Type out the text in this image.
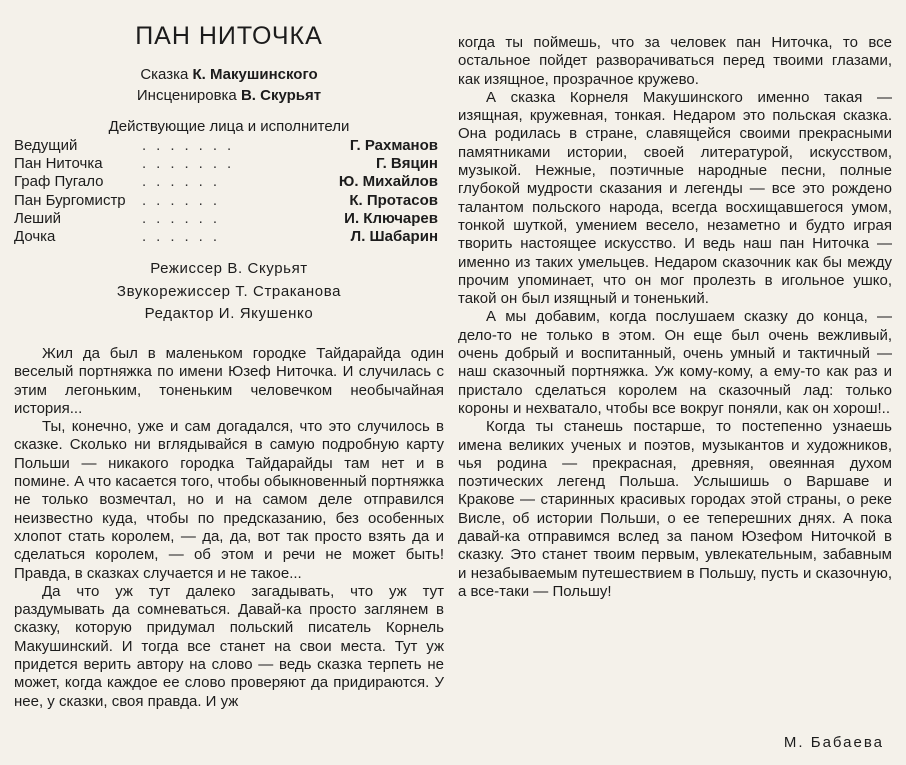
ПАН НИТОЧКА
Сказка К. Макушинского
Инсценировка В. Скурьят
Действующие лица и исполнители
Ведущий	.......	Г. Рахманов
Пан Ниточка	.......	Г. Вяцин
Граф Пугало	......	Ю. Михайлов
Пан Бургомистр ......	К. Протасов
Леший	......	И. Ключарев
Дочка	......	Л. Шабарин
Режиссер В. Скурьят
Звукорежиссер Т. Стракaнова
Редактор И. Якушенко

Жил да был в маленьком городке Тайдарайда один веселый портняжка по имени Юзеф Ниточка. И случилась с этим легоньким, тоненьким человечком необычайная история...

Ты, конечно, уже и сам догадался, что это случилось в сказке. Сколько ни вглядывайся в самую подробную карту Польши — никакого городка Тайдарайды там нет и в помине. А что касается того, чтобы обыкновенный портняжка не только возмечтал, но и на самом деле отправился неизвестно куда, чтобы по предсказанию, без особенных хлопот стать королем, — да, да, вот так просто взять да и сделаться королем, — об этом и речи не может быть! Правда, в сказках случается и не такое...

Да что уж тут далеко загадывать, что уж тут раздумывать да сомневаться. Давай-ка просто заглянем в сказку, которую придумал польский писатель Корнель Макушинский. И тогда все станет на свои места. Тут уж придется верить автору на слово — ведь сказка терпеть не может, когда каждое ее слово проверяют да придираются. У нее, у сказки, своя правда. И уж

когда ты поймешь, что за человек пан Ниточка, то все остальное пойдет разворачиваться перед твоими глазами, как изящное, прозрачное кружево.

А сказка Корнеля Макушинского именно такая — изящная, кружевная, тонкая. Недаром это польская сказка. Она родилась в стране, славящейся своими прекрасными памятниками истории, своей литературой, искусством, музыкой. Нежные, поэтичные народные песни, полные глубокой мудрости сказания и легенды — все это рождено талантом польского народа, всегда восхищавшегося умом, тонкой шуткой, умением весело, незаметно и будто играя творить настоящее искусство. И ведь наш пан Ниточка — именно из таких умельцев. Недаром сказочник как бы между прочим упоминает, что он мог пролезть в игольное ушко, такой он был изящный и тоненький.

А мы добавим, когда послушаем сказку до конца, — дело-то не только в этом. Он еще был очень вежливый, очень добрый и воспитанный, очень умный и тактичный — наш сказочный портняжка. Уж кому-кому, а ему-то как раз и пристало сделаться королем на сказочный лад: только короны и нехватало, чтобы все вокруг поняли, как он хорош!..

Когда ты станешь постарше, то постепенно узнаешь имена великих ученых и поэтов, музыкантов и художников, чья родина — прекрасная, древняя, овеянная духом поэтических легенд Польша. Услышишь о Варшаве и Кракове — старинных красивых городах этой страны, о реке Висле, об истории Польши, о ее теперешних днях. А пока давай-ка отправимся вслед за паном Юзефом Ниточкой в сказку. Это станет твоим первым, увлекательным, забавным и незабываемым путешествием в Польшу, пусть и сказочную, а все-таки — Польшу!

М. Бабаева
